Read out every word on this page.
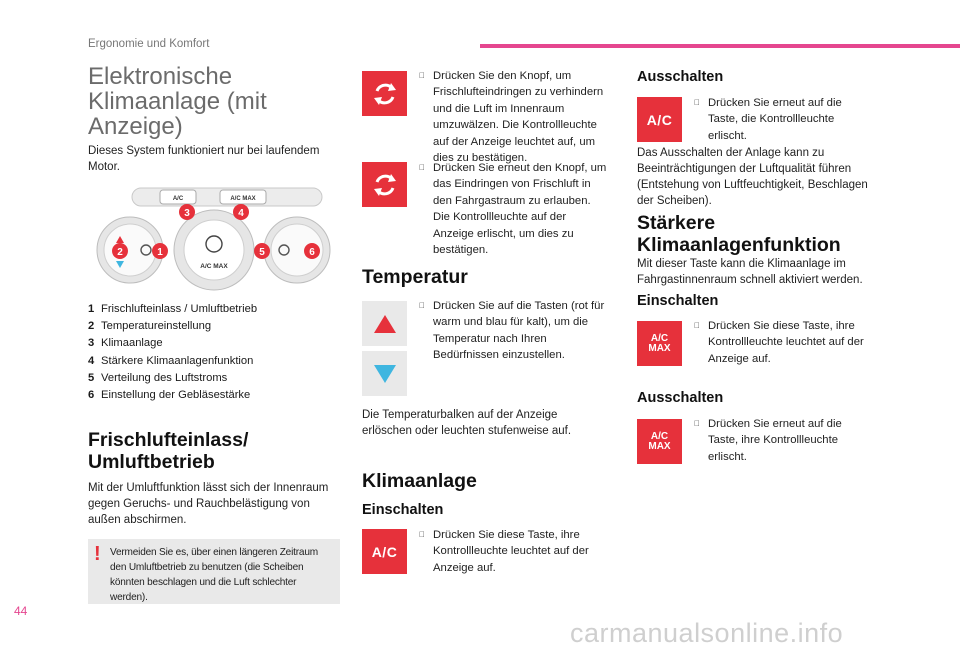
Ergonomie und Komfort
Elektronische Klimaanlage (mit Anzeige)
Dieses System funktioniert nur bei laufendem Motor.
A/C	A/C MAX
A/C MAX
3	4
2	1	5	6
1 Frischlufteinlass / Umluftbetrieb
2 Temperatureinstellung
3 Klimaanlage
4 Stärkere Klimaanlagenfunktion
5 Verteilung des Luftstroms
6 Einstellung der Gebläsestärke
Frischlufteinlass/ Umluftbetrieb
Mit der Umluftfunktion lässt sich der Innenraum gegen Geruchs- und Rauchbelästigung von außen abschirmen.
! Vermeiden Sie es, über einen längeren Zeitraum den Umluftbetrieb zu benutzen (die Scheiben könnten beschlagen und die Luft schlechter werden).
Drücken Sie den Knopf, um Frischlufteindringen zu verhindern und die Luft im Innenraum umzuwälzen. Die Kontrollleuchte auf der Anzeige leuchtet auf, um dies zu bestätigen.
Drücken Sie erneut den Knopf, um das Eindringen von Frischluft in den Fahrgastraum zu erlauben. Die Kontrollleuchte auf der Anzeige erlischt, um dies zu bestätigen.
Temperatur
Drücken Sie auf die Tasten (rot für warm und blau für kalt), um die Temperatur nach Ihren Bedürfnissen einzustellen.
Die Temperaturbalken auf der Anzeige erlöschen oder leuchten stufenweise auf.
Klimaanlage
Einschalten
A/C
Drücken Sie diese Taste, ihre Kontrollleuchte leuchtet auf der Anzeige auf.
Ausschalten
A/C
Drücken Sie erneut auf die Taste, die Kontrollleuchte erlischt.
Das Ausschalten der Anlage kann zu Beeinträchtigungen der Luftqualität führen (Entstehung von Luftfeuchtigkeit, Beschlagen der Scheiben).
Stärkere Klimaanlagenfunktion
Mit dieser Taste kann die Klimaanlage im Fahrgastinnenraum schnell aktiviert werden.
Einschalten
A/C
MAX
Drücken Sie diese Taste, ihre Kontrollleuchte leuchtet auf der Anzeige auf.
Ausschalten
A/C
MAX
Drücken Sie erneut auf die Taste, ihre Kontrollleuchte erlischt.
44
carmanualsonline.info
